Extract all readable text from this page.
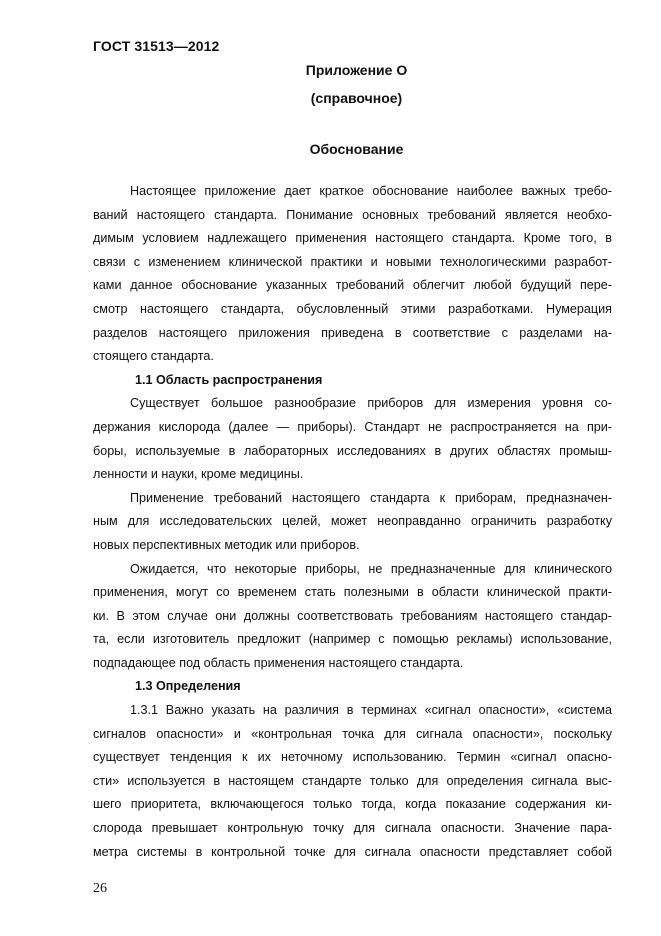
ГОСТ 31513—2012
Приложение О
(справочное)
Обоснование
Настоящее приложение дает краткое обоснование наиболее важных требо-
ваний настоящего стандарта. Понимание основных требований является необхо-
димым условием надлежащего применения настоящего стандарта. Кроме того, в
связи с изменением клинической практики и новыми технологическими разработ-
ками данное обоснование указанных требований облегчит любой будущий пере-
смотр настоящего стандарта, обусловленный этими разработками. Нумерация
разделов настоящего приложения приведена в соответствие с разделами на-
стоящего стандарта.
1.1 Область распространения
Существует большое разнообразие приборов для измерения уровня со-
держания кислорода (далее — приборы). Стандарт не распространяется на при-
боры, используемые в лабораторных исследованиях в других областях промыш-
ленности и науки, кроме медицины.
Применение требований настоящего стандарта к приборам, предназначен-
ным для исследовательских целей, может неоправданно ограничить разработку
новых перспективных методик или приборов.
Ожидается, что некоторые приборы, не предназначенные для клинического
применения, могут со временем стать полезными в области клинической практи-
ки. В этом случае они должны соответствовать требованиям настоящего стандар-
та, если изготовитель предложит (например с помощью рекламы) использование,
подпадающее под область применения настоящего стандарта.
1.3 Определения
1.3.1 Важно указать на различия в терминах «сигнал опасности», «система
сигналов опасности» и «контрольная точка для сигнала опасности», поскольку
существует тенденция к их неточному использованию. Термин «сигнал опасно-
сти» используется в настоящем стандарте только для определения сигнала выс-
шего приоритета, включающегося только тогда, когда показание содержания ки-
слорода превышает контрольную точку для сигнала опасности. Значение пара-
метра системы в контрольной точке для сигнала опасности представляет собой
26
